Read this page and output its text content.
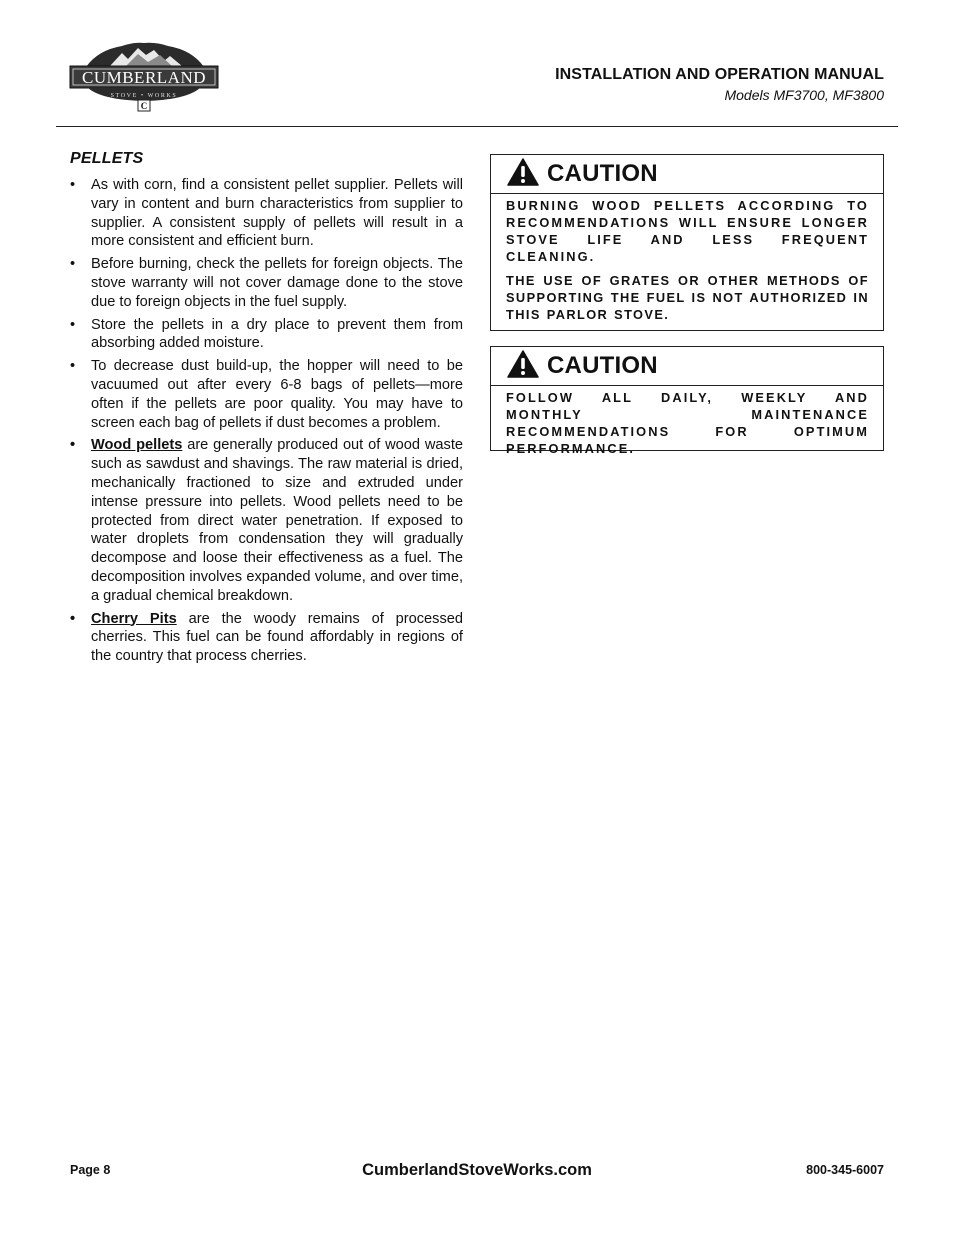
CUMBERLAND
STOVE • WORKS
C
INSTALLATION AND OPERATION MANUAL
Models MF3700, MF3800
PELLETS
• As with corn, find a consistent pellet supplier. Pellets will vary in content and burn characteristics from supplier to supplier. A consistent supply of pellets will result in a more consistent and efficient burn.
• Before burning, check the pellets for foreign objects. The stove warranty will not cover damage done to the stove due to foreign objects in the fuel supply.
• Store the pellets in a dry place to prevent them from absorbing added moisture.
• To decrease dust build-up, the hopper will need to be vacuumed out after every 6-8 bags of pellets—more often if the pellets are poor quality. You may have to screen each bag of pellets if dust becomes a problem.
• Wood pellets are generally produced out of wood waste such as sawdust and shavings. The raw material is dried, mechanically fractioned to size and extruded under intense pressure into pellets. Wood pellets need to be protected from direct water penetration. If exposed to water droplets from condensation they will gradually decompose and loose their effectiveness as a fuel. The decomposition involves expanded volume, and over time, a gradual chemical breakdown.
• Cherry Pits are the woody remains of processed cherries. This fuel can be found affordably in regions of the country that process cherries.
CAUTION

BURNING WOOD PELLETS ACCORDING TO RECOMMENDATIONS WILL ENSURE LONGER STOVE LIFE AND LESS FREQUENT CLEANING.

THE USE OF GRATES OR OTHER METHODS OF SUPPORTING THE FUEL IS NOT AUTHORIZED IN THIS PARLOR STOVE.

CAUTION

FOLLOW ALL DAILY, WEEKLY AND MONTHLY MAINTENANCE RECOMMENDATIONS FOR OPTIMUM PERFORMANCE.

Page 8	CumberlandStoveWorks.com	800-345-6007
